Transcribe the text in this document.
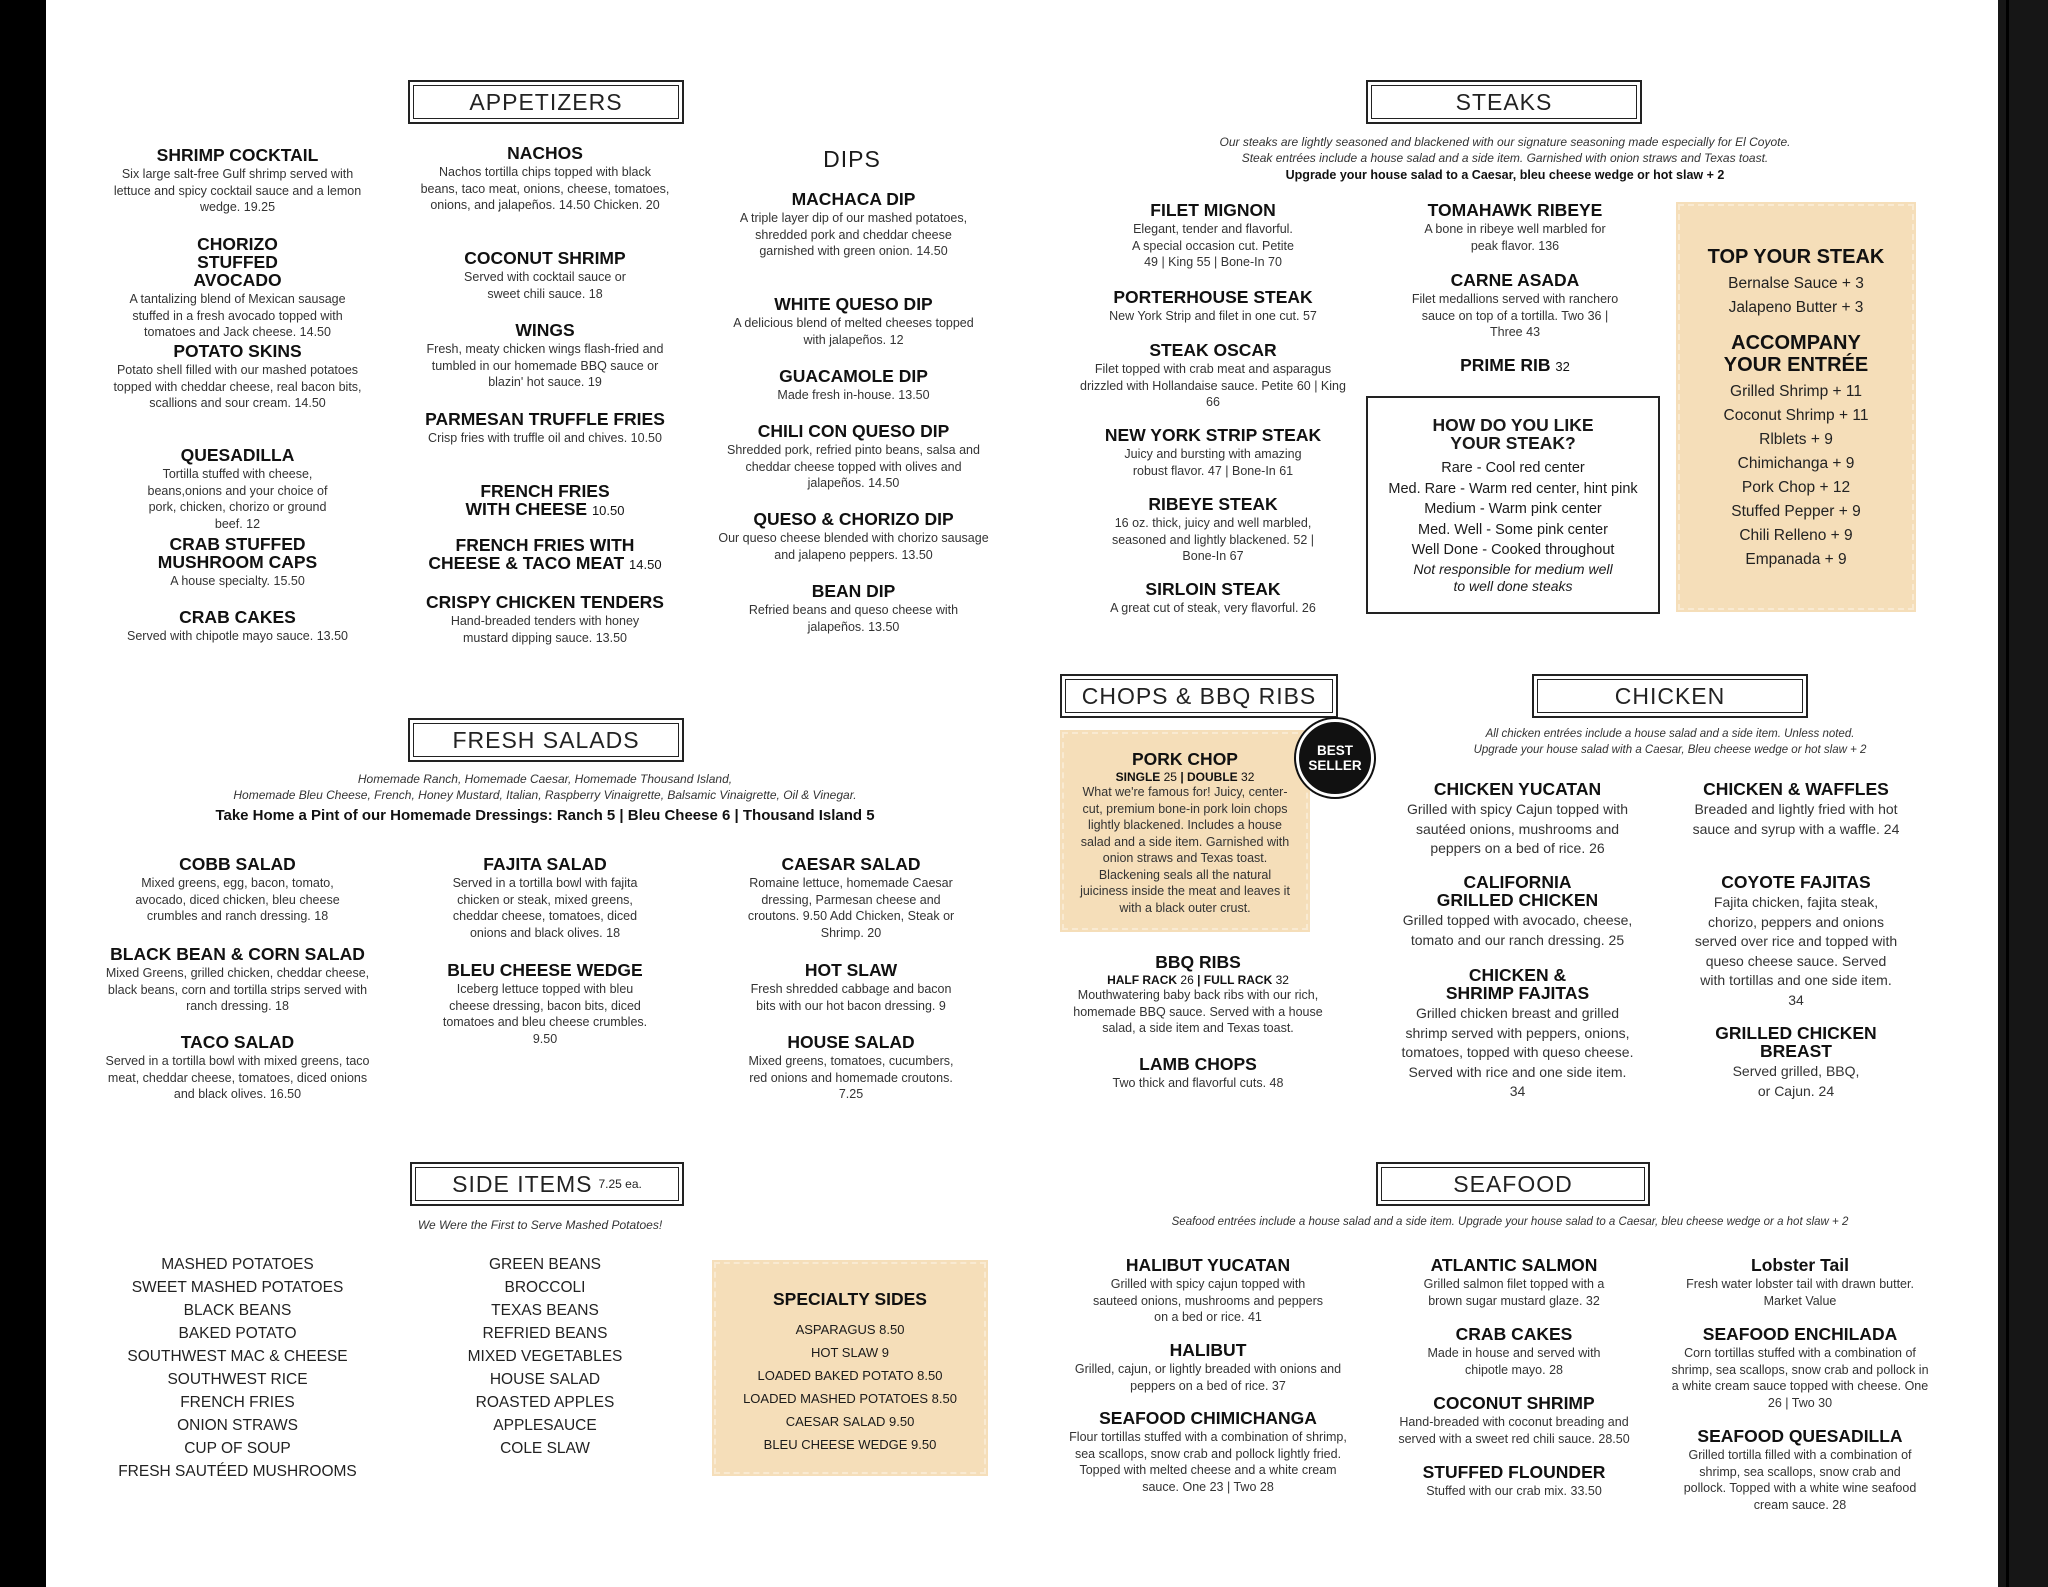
APPETIZERS
SHRIMP COCKTAIL
Six large salt-free Gulf shrimp served with lettuce and spicy cocktail sauce and a lemon wedge. 19.25
CHORIZO STUFFED AVOCADO
A tantalizing blend of Mexican sausage stuffed in a fresh avocado topped with tomatoes and Jack cheese. 14.50
POTATO SKINS
Potato shell filled with our mashed potatoes topped with cheddar cheese, real bacon bits, scallions and sour cream. 14.50
QUESADILLA
Tortilla stuffed with cheese, beans,onions and your choice of pork, chicken, chorizo or ground beef. 12
CRAB STUFFED MUSHROOM CAPS
A house specialty. 15.50
CRAB CAKES
Served with chipotle mayo sauce. 13.50
NACHOS
Nachos tortilla chips topped with black beans, taco meat, onions, cheese, tomatoes, onions, and jalapeños. 14.50 Chicken. 20
COCONUT SHRIMP
Served with cocktail sauce or sweet chili sauce. 18
WINGS
Fresh, meaty chicken wings flash-fried and tumbled in our homemade BBQ sauce or blazin' hot sauce. 19
PARMESAN TRUFFLE FRIES
Crisp fries with truffle oil and chives. 10.50
FRENCH FRIES WITH CHEESE 10.50
FRENCH FRIES WITH CHEESE & TACO MEAT 14.50
CRISPY CHICKEN TENDERS
Hand-breaded tenders with honey mustard dipping sauce. 13.50
DIPS
MACHACA DIP
A triple layer dip of our mashed potatoes, shredded pork and cheddar cheese garnished with green onion. 14.50
WHITE QUESO DIP
A delicious blend of melted cheeses topped with jalapeños. 12
GUACAMOLE DIP
Made fresh in-house. 13.50
CHILI CON QUESO DIP
Shredded pork, refried pinto beans, salsa and cheddar cheese topped with olives and jalapeños. 14.50
QUESO & CHORIZO DIP
Our queso cheese blended with chorizo sausage and jalapeno peppers. 13.50
BEAN DIP
Refried beans and queso cheese with jalapeños. 13.50
STEAKS
Our steaks are lightly seasoned and blackened with our signature seasoning made especially for El Coyote.
Steak entrées include a house salad and a side item. Garnished with onion straws and Texas toast.
Upgrade your house salad to a Caesar, bleu cheese wedge or hot slaw + 2
FILET MIGNON
Elegant, tender and flavorful. A special occasion cut. Petite 49 | King 55 | Bone-In 70
PORTERHOUSE STEAK
New York Strip and filet in one cut. 57
STEAK OSCAR
Filet topped with crab meat and asparagus drizzled with Hollandaise sauce. Petite 60 | King 66
NEW YORK STRIP STEAK
Juicy and bursting with amazing robust flavor. 47 | Bone-In 61
RIBEYE STEAK
16 oz. thick, juicy and well marbled, seasoned and lightly blackened. 52 | Bone-In 67
SIRLOIN STEAK
A great cut of steak, very flavorful. 26
TOMAHAWK RIBEYE
A bone in ribeye well marbled for peak flavor. 136
CARNE ASADA
Filet medallions served with ranchero sauce on top of a tortilla. Two 36 | Three 43
PRIME RIB 32
HOW DO YOU LIKE YOUR STEAK?
Rare - Cool red center
Med. Rare - Warm red center, hint pink
Medium - Warm pink center
Med. Well - Some pink center
Well Done - Cooked throughout
Not responsible for medium well to well done steaks
TOP YOUR STEAK
Bernalse Sauce + 3
Jalapeno Butter + 3
ACCOMPANY YOUR ENTRÉE
Grilled Shrimp + 11
Coconut Shrimp + 11
Rlblets + 9
Chimichanga + 9
Pork Chop + 12
Stuffed Pepper + 9
Chili Relleno + 9
Empanada + 9
FRESH SALADS
Homemade Ranch, Homemade Caesar, Homemade Thousand Island,
Homemade Bleu Cheese, French, Honey Mustard, Italian, Raspberry Vinaigrette, Balsamic Vinaigrette, Oil & Vinegar.
Take Home a Pint of our Homemade Dressings: Ranch 5 | Bleu Cheese 6 | Thousand Island 5
COBB SALAD
Mixed greens, egg, bacon, tomato, avocado, diced chicken, bleu cheese crumbles and ranch dressing. 18
BLACK BEAN & CORN SALAD
Mixed Greens, grilled chicken, cheddar cheese, black beans, corn and tortilla strips served with ranch dressing. 18
TACO SALAD
Served in a tortilla bowl with mixed greens, taco meat, cheddar cheese, tomatoes, diced onions and black olives. 16.50
FAJITA SALAD
Served in a tortilla bowl with fajita chicken or steak, mixed greens, cheddar cheese, tomatoes, diced onions and black olives. 18
BLEU CHEESE WEDGE
Iceberg lettuce topped with bleu cheese dressing, bacon bits, diced tomatoes and bleu cheese crumbles. 9.50
CAESAR SALAD
Romaine lettuce, homemade Caesar dressing, Parmesan cheese and croutons. 9.50 Add Chicken, Steak or Shrimp. 20
HOT SLAW
Fresh shredded cabbage and bacon bits with our hot bacon dressing. 9
HOUSE SALAD
Mixed greens, tomatoes, cucumbers, red onions and homemade croutons. 7.25
CHOPS & BBQ RIBS
PORK CHOP
SINGLE 25 | DOUBLE 32
What we're famous for! Juicy, center-cut, premium bone-in pork loin chops lightly blackened. Includes a house salad and a side item. Garnished with onion straws and Texas toast. Blackening seals all the natural juiciness inside the meat and leaves it with a black outer crust.
BEST
SELLER
BBQ RIBS
HALF RACK 26 | FULL RACK 32
Mouthwatering baby back ribs with our rich, homemade BBQ sauce. Served with a house salad, a side item and Texas toast.
LAMB CHOPS
Two thick and flavorful cuts. 48
CHICKEN
All chicken entrées include a house salad and a side item. Unless noted.
Upgrade your house salad with a Caesar, Bleu cheese wedge or hot slaw + 2
CHICKEN YUCATAN
Grilled with spicy Cajun topped with sautéed onions, mushrooms and peppers on a bed of rice. 26
CALIFORNIA GRILLED CHICKEN
Grilled topped with avocado, cheese, tomato and our ranch dressing. 25
CHICKEN & SHRIMP FAJITAS
Grilled chicken breast and grilled shrimp served with peppers, onions, tomatoes, topped with queso cheese. Served with rice and one side item. 34
CHICKEN & WAFFLES
Breaded and lightly fried with hot sauce and syrup with a waffle. 24
COYOTE FAJITAS
Fajita chicken, fajita steak, chorizo, peppers and onions served over rice and topped with queso cheese sauce. Served with tortillas and one side item. 34
GRILLED CHICKEN BREAST
Served grilled, BBQ, or Cajun. 24
SIDE ITEMS 7.25 ea.
We Were the First to Serve Mashed Potatoes!
MASHED POTATOES
SWEET MASHED POTATOES
BLACK BEANS
BAKED POTATO
SOUTHWEST MAC & CHEESE
SOUTHWEST RICE
FRENCH FRIES
ONION STRAWS
CUP OF SOUP
FRESH SAUTÉED MUSHROOMS
GREEN BEANS
BROCCOLI
TEXAS BEANS
REFRIED BEANS
MIXED VEGETABLES
HOUSE SALAD
ROASTED APPLES
APPLESAUCE
COLE SLAW
SPECIALTY SIDES
ASPARAGUS 8.50
HOT SLAW 9
LOADED BAKED POTATO 8.50
LOADED MASHED POTATOES 8.50
CAESAR SALAD 9.50
BLEU CHEESE WEDGE 9.50
SEAFOOD
Seafood entrées include a house salad and a side item. Upgrade your house salad to a Caesar, bleu cheese wedge or a hot slaw + 2
HALIBUT YUCATAN
Grilled with spicy cajun topped with sauteed onions, mushrooms and peppers on a bed or rice. 41
HALIBUT
Grilled, cajun, or lightly breaded with onions and peppers on a bed of rice. 37
SEAFOOD CHIMICHANGA
Flour tortillas stuffed with a combination of shrimp, sea scallops, snow crab and pollock lightly fried. Topped with melted cheese and a white cream sauce. One 23 | Two 28
ATLANTIC SALMON
Grilled salmon filet topped with a brown sugar mustard glaze. 32
CRAB CAKES
Made in house and served with chipotle mayo. 28
COCONUT SHRIMP
Hand-breaded with coconut breading and served with a sweet red chili sauce. 28.50
STUFFED FLOUNDER
Stuffed with our crab mix. 33.50
Lobster Tail
Fresh water lobster tail with drawn butter. Market Value
SEAFOOD ENCHILADA
Corn tortillas stuffed with a combination of shrimp, sea scallops, snow crab and pollock in a white cream sauce topped with cheese. One 26 | Two 30
SEAFOOD QUESADILLA
Grilled tortilla filled with a combination of shrimp, sea scallops, snow crab and pollock. Topped with a white wine seafood cream sauce. 28
